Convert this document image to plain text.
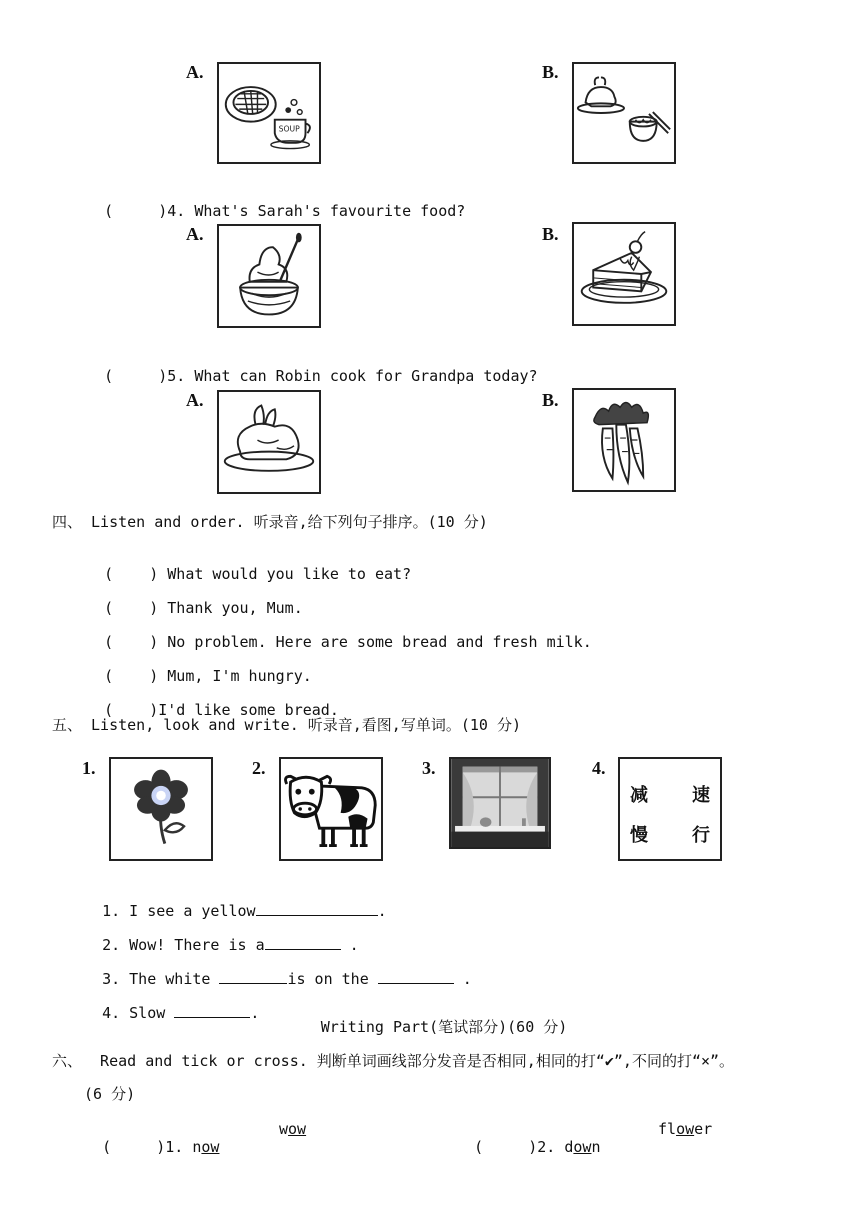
A.
SOUP
B.

(     )4. What's Sarah's favourite food?

A.	B.

(     )5. What can Robin cook for Grandpa today?

A.	B.
四、 Listen and order. 听录音,给下列句子排序。(10 分)

(    ) What would you like to eat?

(    ) Thank you, Mum.

(    ) No problem. Here are some bread and fresh milk.

(    ) Mum, I'm hungry.

(    )I'd like some bread.

五、 Listen, look and write. 听录音,看图,写单词。(10 分)
1.	2.	3.	4.
减 速
慢 行

1. I see a yellow	.

2. Wow! There is a	.

3. The white	is on the	.

4. Slow	.

Writing Part(笔试部分)(60 分)
六、  Read and tick or cross. 判断单词画线部分发音是否相同,相同的打“✔”,不同的打“×”。
(6 分)

(     )1. now

wow

(     )2. down

flower
